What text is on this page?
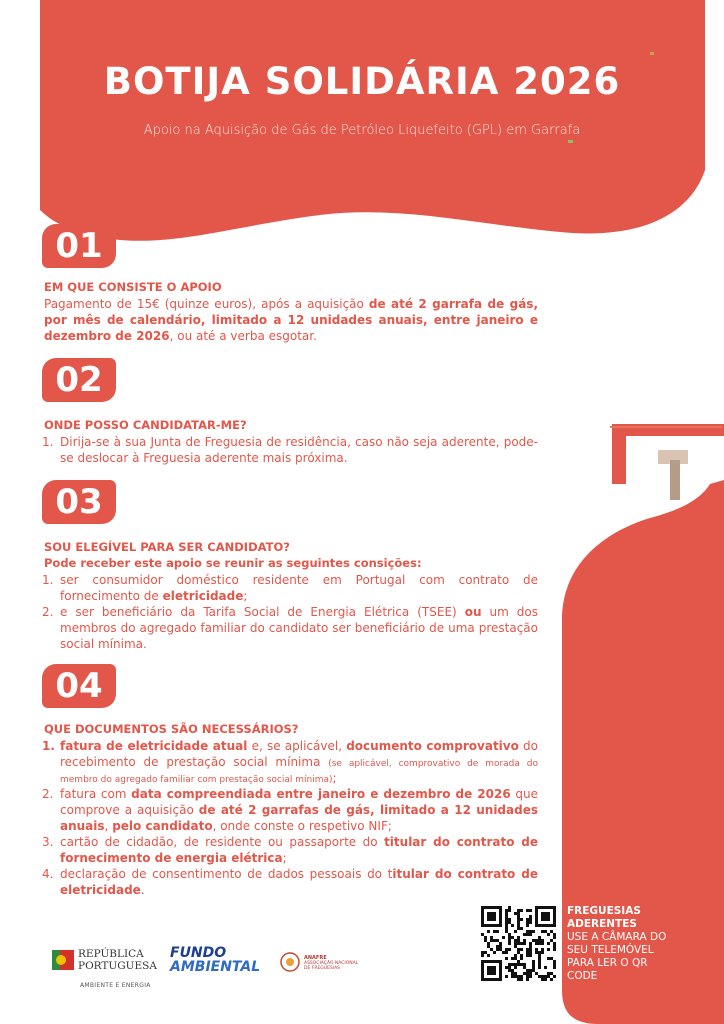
BOTIJA SOLIDÁRIA 2026
Apoio na Aquisição de Gás de Petróleo Liquefeito (GPL) em Garrafa
01
EM QUE CONSISTE O APOIO
Pagamento de 15€ (quinze euros), após a aquisição de até 2 garrafa de gás, por mês de calendário, limitado a 12 unidades anuais, entre janeiro e dezembro de 2026, ou até a verba esgotar.
02
ONDE POSSO CANDIDATAR-ME?
1. Dirija-se à sua Junta de Freguesia de residência, caso não seja aderente, pode-se deslocar à Freguesia aderente mais próxima.
03
SOU ELEGÍVEL PARA SER CANDIDATO?
Pode receber este apoio se reunir as seguintes consições:
1. ser consumidor doméstico residente em Portugal com contrato de fornecimento de eletricidade;
2. e ser beneficiário da Tarifa Social de Energia Elétrica (TSEE) ou um dos membros do agregado familiar do candidato ser beneficiário de uma prestação social mínima.
04
QUE DOCUMENTOS SÃO NECESSÁRIOS?
1. fatura de eletricidade atual e, se aplicável, documento comprovativo do recebimento de prestação social mínima (se aplicável, comprovativo de morada do membro do agregado familiar com prestação social mínima);
2. fatura com data compreendiada entre janeiro e dezembro de 2026 que comprove a aquisição de até 2 garrafas de gás, limitado a 12 unidades anuais, pelo candidato, onde conste o respetivo NIF;
3. cartão de cidadão, de residente ou passaporte do titular do contrato de fornecimento de energia elétrica;
4. declaração de consentimento de dados pessoais do titular do contrato de eletricidade.
FREGUESIAS
ADERENTES
USE A CÂMARA DO SEU TELEMÓVEL PARA LER O QR CODE
REPÚBLICA
PORTUGUESA
AMBIENTE E ENERGIA
FUNDO
AMBIENTAL
ANAFRE
ASSOCIAÇÃO NACIONAL
DE FREGUESIAS
